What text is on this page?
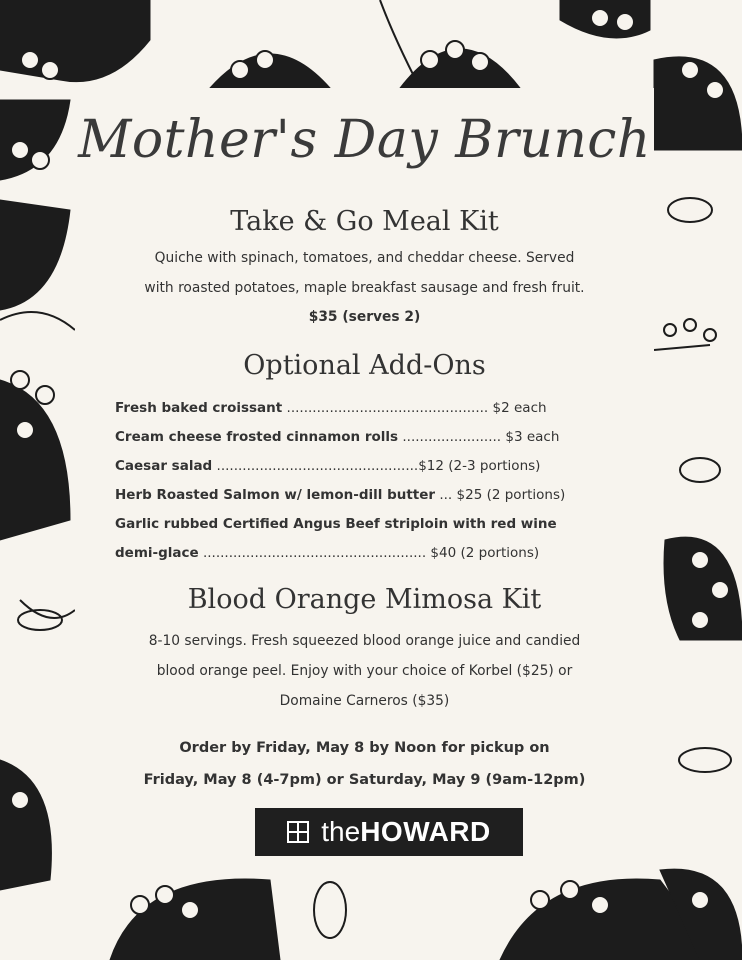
Mother's Day Brunch
Take & Go Meal Kit
Quiche with spinach, tomatoes, and cheddar cheese. Served
with roasted potatoes, maple breakfast sausage and fresh fruit.
$35 (serves 2)
Optional Add-Ons
Fresh baked croissant ............................................... $2 each
Cream cheese frosted cinnamon rolls ....................... $3 each
Caesar salad ...............................................$12 (2-3 portions)
Herb Roasted Salmon w/ lemon-dill butter ... $25 (2 portions)
Garlic rubbed Certified Angus Beef striploin with red wine
demi-glace .................................................... $40 (2 portions)
Blood Orange Mimosa Kit
8-10 servings. Fresh squeezed blood orange juice and candied
blood orange peel. Enjoy with your choice of Korbel ($25) or
Domaine Carneros ($35)
Order by Friday, May 8 by Noon for pickup on
Friday, May 8 (4-7pm) or Saturday, May 9 (9am-12pm)
theHOWARD
